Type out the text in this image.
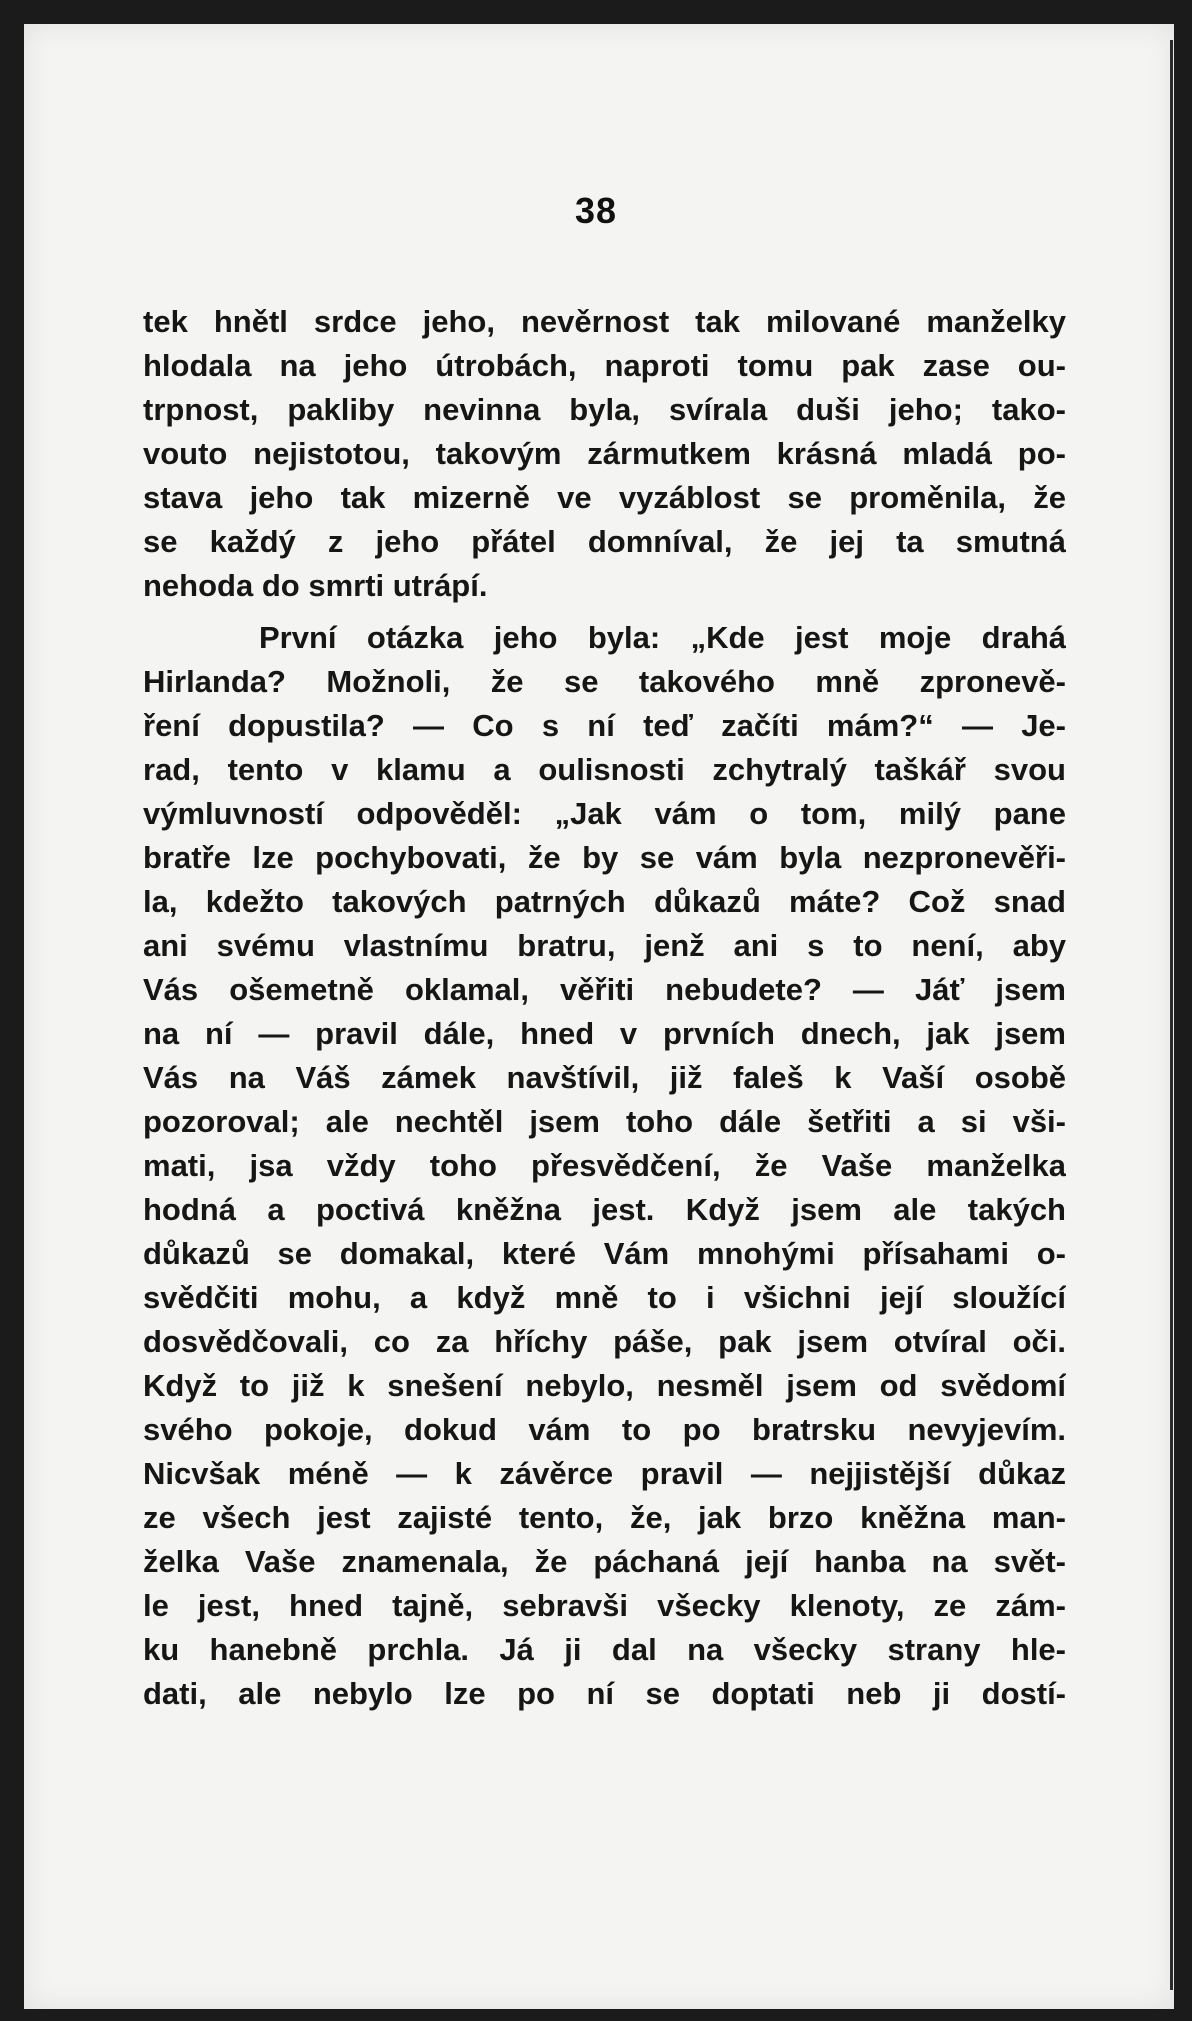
38
tek hnětl srdce jeho, nevěrnost tak milované manželky
hlodala na jeho útrobách, naproti tomu pak zase ou-
trpnost, pakliby nevinna byla, svírala duši jeho; tako-
vouto nejistotou, takovým zármutkem krásná mladá po-
stava jeho tak mizerně ve vyzáblost se proměnila, že
se každý z jeho přátel domníval, že jej ta smutná
nehoda do smrti utrápí.
První otázka jeho byla: „Kde jest moje drahá
Hirlanda? Možnoli, že se takového mně zpronevě-
ření dopustila? — Co s ní teď začíti mám?“ — Je-
rad, tento v klamu a oulisnosti zchytralý taškář svou
výmluvností odpověděl: „Jak vám o tom, milý pane
bratře lze pochybovati, že by se vám byla nezpronevěři-
la, kdežto takových patrných důkazů máte? Což snad
ani svému vlastnímu bratru, jenž ani s to není, aby
Vás ošemetně oklamal, věřiti nebudete? — Jáť jsem
na ní — pravil dále, hned v prvních dnech, jak jsem
Vás na Váš zámek navštívil, již faleš k Vaší osobě
pozoroval; ale nechtěl jsem toho dále šetřiti a si vši-
mati, jsa vždy toho přesvědčení, že Vaše manželka
hodná a poctivá kněžna jest. Když jsem ale takých
důkazů se domakal, které Vám mnohými přísahami o-
svědčiti mohu, a když mně to i všichni její sloužící
dosvědčovali, co za hříchy páše, pak jsem otvíral oči.
Když to již k snešení nebylo, nesměl jsem od svědomí
svého pokoje, dokud vám to po bratrsku nevyjevím.
Nicvšak méně — k závěrce pravil — nejjistější důkaz
ze všech jest zajisté tento, že, jak brzo kněžna man-
želka Vaše znamenala, že páchaná její hanba na svět-
le jest, hned tajně, sebravši všecky klenoty, ze zám-
ku hanebně prchla. Já ji dal na všecky strany hle-
dati, ale nebylo lze po ní se doptati neb ji dostí-
